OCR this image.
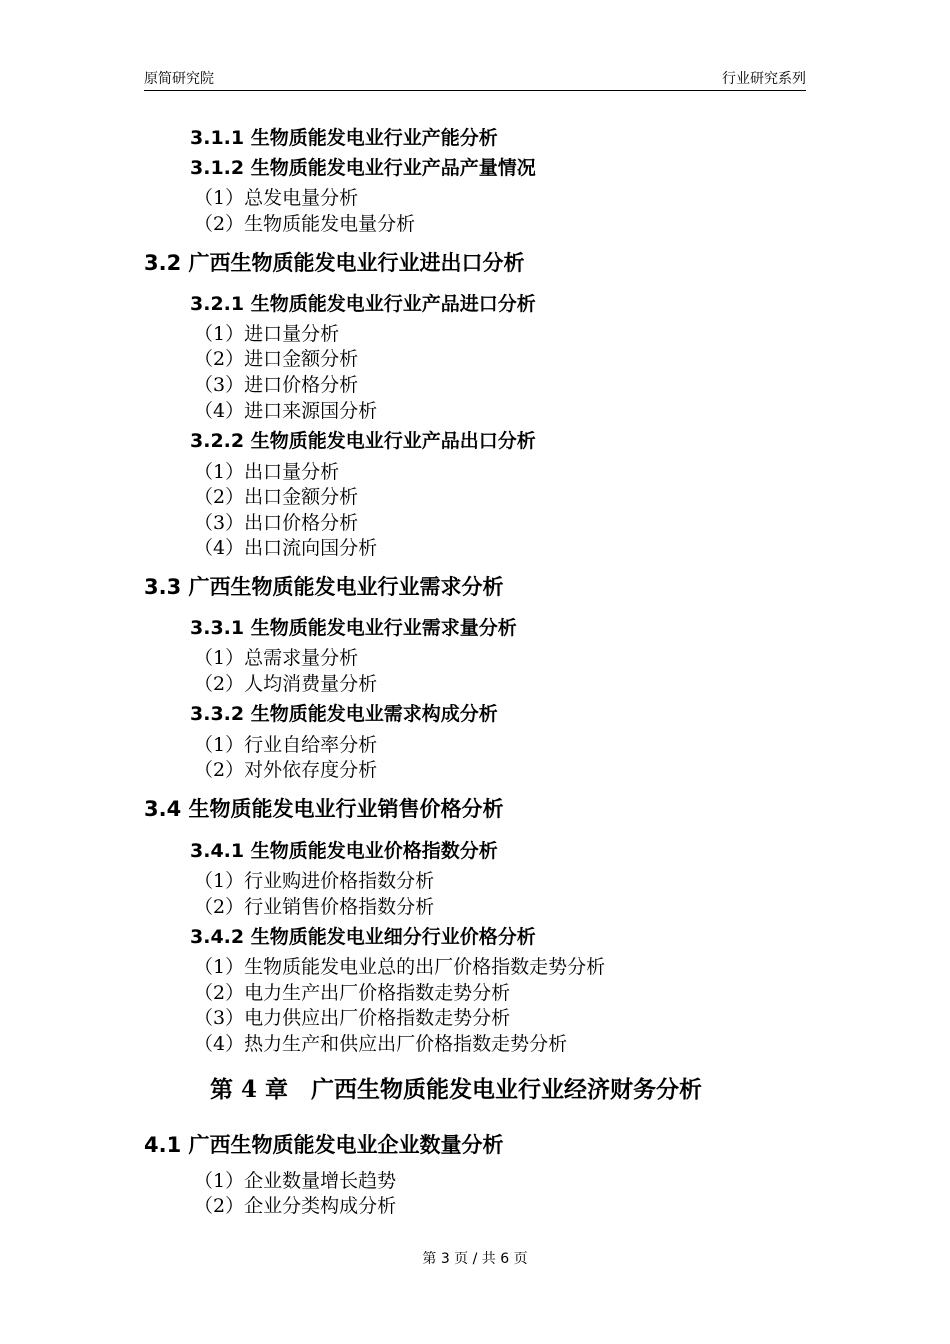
原简研究院	行业研究系列
3.1.1 生物质能发电业行业产能分析
3.1.2 生物质能发电业行业产品产量情况
（1）总发电量分析
（2）生物质能发电量分析
3.2 广西生物质能发电业行业进出口分析
3.2.1 生物质能发电业行业产品进口分析
（1）进口量分析
（2）进口金额分析
（3）进口价格分析
（4）进口来源国分析
3.2.2 生物质能发电业行业产品出口分析
（1）出口量分析
（2）出口金额分析
（3）出口价格分析
（4）出口流向国分析
3.3 广西生物质能发电业行业需求分析
3.3.1 生物质能发电业行业需求量分析
（1）总需求量分析
（2）人均消费量分析
3.3.2 生物质能发电业需求构成分析
（1）行业自给率分析
（2）对外依存度分析
3.4 生物质能发电业行业销售价格分析
3.4.1 生物质能发电业价格指数分析
（1）行业购进价格指数分析
（2）行业销售价格指数分析
3.4.2 生物质能发电业细分行业价格分析
（1）生物质能发电业总的出厂价格指数走势分析
（2）电力生产出厂价格指数走势分析
（3）电力供应出厂价格指数走势分析
（4）热力生产和供应出厂价格指数走势分析
第 4 章　广西生物质能发电业行业经济财务分析
4.1 广西生物质能发电业企业数量分析
（1）企业数量增长趋势
（2）企业分类构成分析
第 3 页 / 共 6 页
